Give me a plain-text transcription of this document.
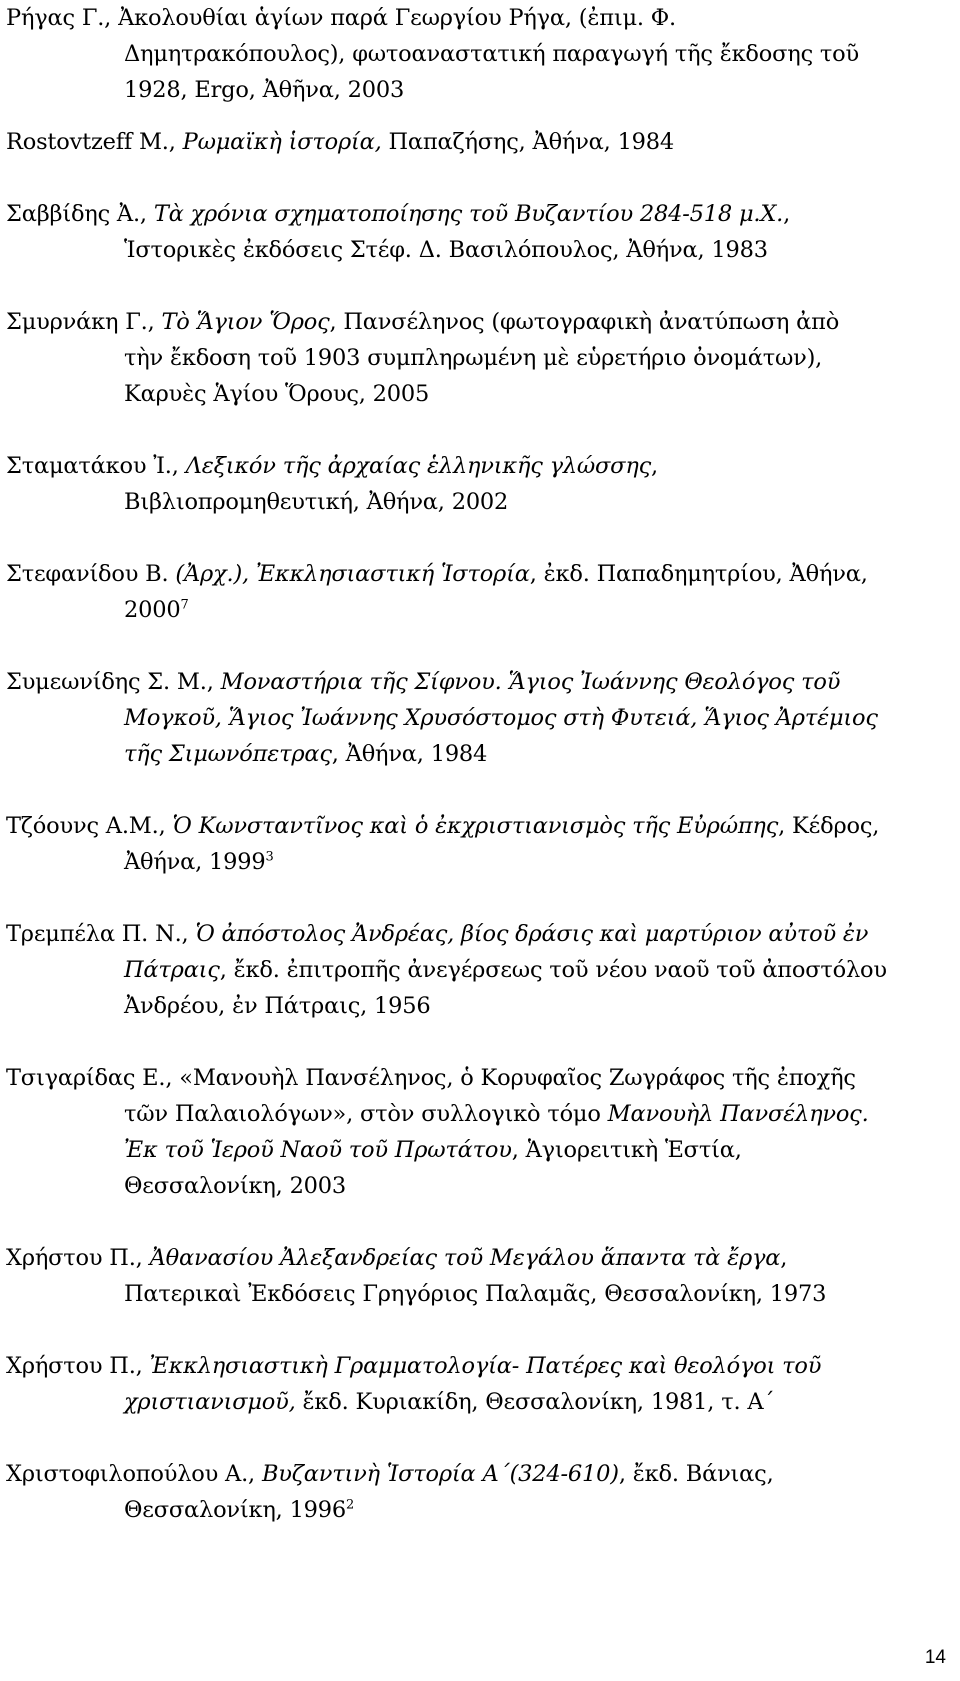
Ρήγας Γ., Ἀκολουθίαι ἁγίων παρά Γεωργίου Ρήγα, (ἐπιμ. Φ.
Δημητρακόπουλος), φωτοαναστατική παραγωγή τῆς ἔκδοσης τοῦ
1928, Ergo, Ἀθῆνα, 2003
Rostovtzeff M., Ρωμαϊκὴ ἱστορία, Παπαζήσης, Ἀθήνα, 1984
Σαββίδης Ἀ., Τὰ χρόνια σχηματοποίησης τοῦ Βυζαντίου 284-518 μ.Χ.,
Ἱστορικὲς ἐκδόσεις Στέφ. Δ. Βασιλόπουλος, Ἀθήνα, 1983
Σμυρνάκη Γ., Τὸ Ἅγιον Ὅρος, Πανσέληνος (φωτογραφικὴ ἀνατύπωση ἀπὸ
τὴν ἔκδοση τοῦ 1903 συμπληρωμένη μὲ εὑρετήριο ὀνομάτων),
Καρυὲς Ἁγίου Ὅρους, 2005
Σταματάκου Ἰ., Λεξικόν τῆς ἀρχαίας ἑλληνικῆς γλώσσης,
Βιβλιοπρομηθευτική, Ἀθήνα, 2002
Στεφανίδου Β. (Ἀρχ.), Ἐκκλησιαστική Ἱστορία, ἐκδ. Παπαδημητρίου, Ἀθήνα,
2000$^7$
Συμεωνίδης Σ. Μ., Μοναστήρια τῆς Σίφνου. Ἅγιος Ἰωάννης Θεολόγος τοῦ
Μογκοῦ, Ἅγιος Ἰωάννης Χρυσόστομος στὴ Φυτειά, Ἅγιος Ἀρτέμιος
τῆς Σιμωνόπετρας, Ἀθήνα, 1984
Τζόουνς Α.Μ., Ὁ Κωνσταντῖνος καὶ ὁ ἐκχριστιανισμὸς τῆς Εὐρώπης, Κέδρος,
Ἀθήνα, 1999$^3$
Τρεμπέλα Π. Ν., Ὁ ἀπόστολος Ἀνδρέας, βίος δράσις καὶ μαρτύριον αὐτοῦ ἐν
Πάτραις, ἔκδ. ἐπιτροπῆς ἀνεγέρσεως τοῦ νέου ναοῦ τοῦ ἀποστόλου
Ἀνδρέου, ἐν Πάτραις, 1956
Τσιγαρίδας Ε., «Μανουὴλ Πανσέληνος, ὁ Κορυφαῖος Ζωγράφος τῆς ἐποχῆς
τῶν Παλαιολόγων», στὸν συλλογικὸ τόμο Μανουὴλ Πανσέληνος.
Ἐκ τοῦ Ἱεροῦ Ναοῦ τοῦ Πρωτάτου, Ἁγιορειτικὴ Ἑστία,
Θεσσαλονίκη, 2003
Χρήστου Π., Ἀθανασίου Ἀλεξανδρείας τοῦ Μεγάλου ἅπαντα τὰ ἔργα,
Πατερικαὶ Ἐκδόσεις Γρηγόριος Παλαμᾶς, Θεσσαλονίκη, 1973
Χρήστου Π., Ἐκκλησιαστικὴ Γραμματολογία- Πατέρες καὶ θεολόγοι τοῦ
χριστιανισμοῦ, ἔκδ. Κυριακίδη, Θεσσαλονίκη, 1981, τ. Α΄
Χριστοφιλοπούλου Α., Βυζαντινὴ Ἱστορία Α΄(324-610), ἔκδ. Βάνιας,
Θεσσαλονίκη, 1996$^2$
14
